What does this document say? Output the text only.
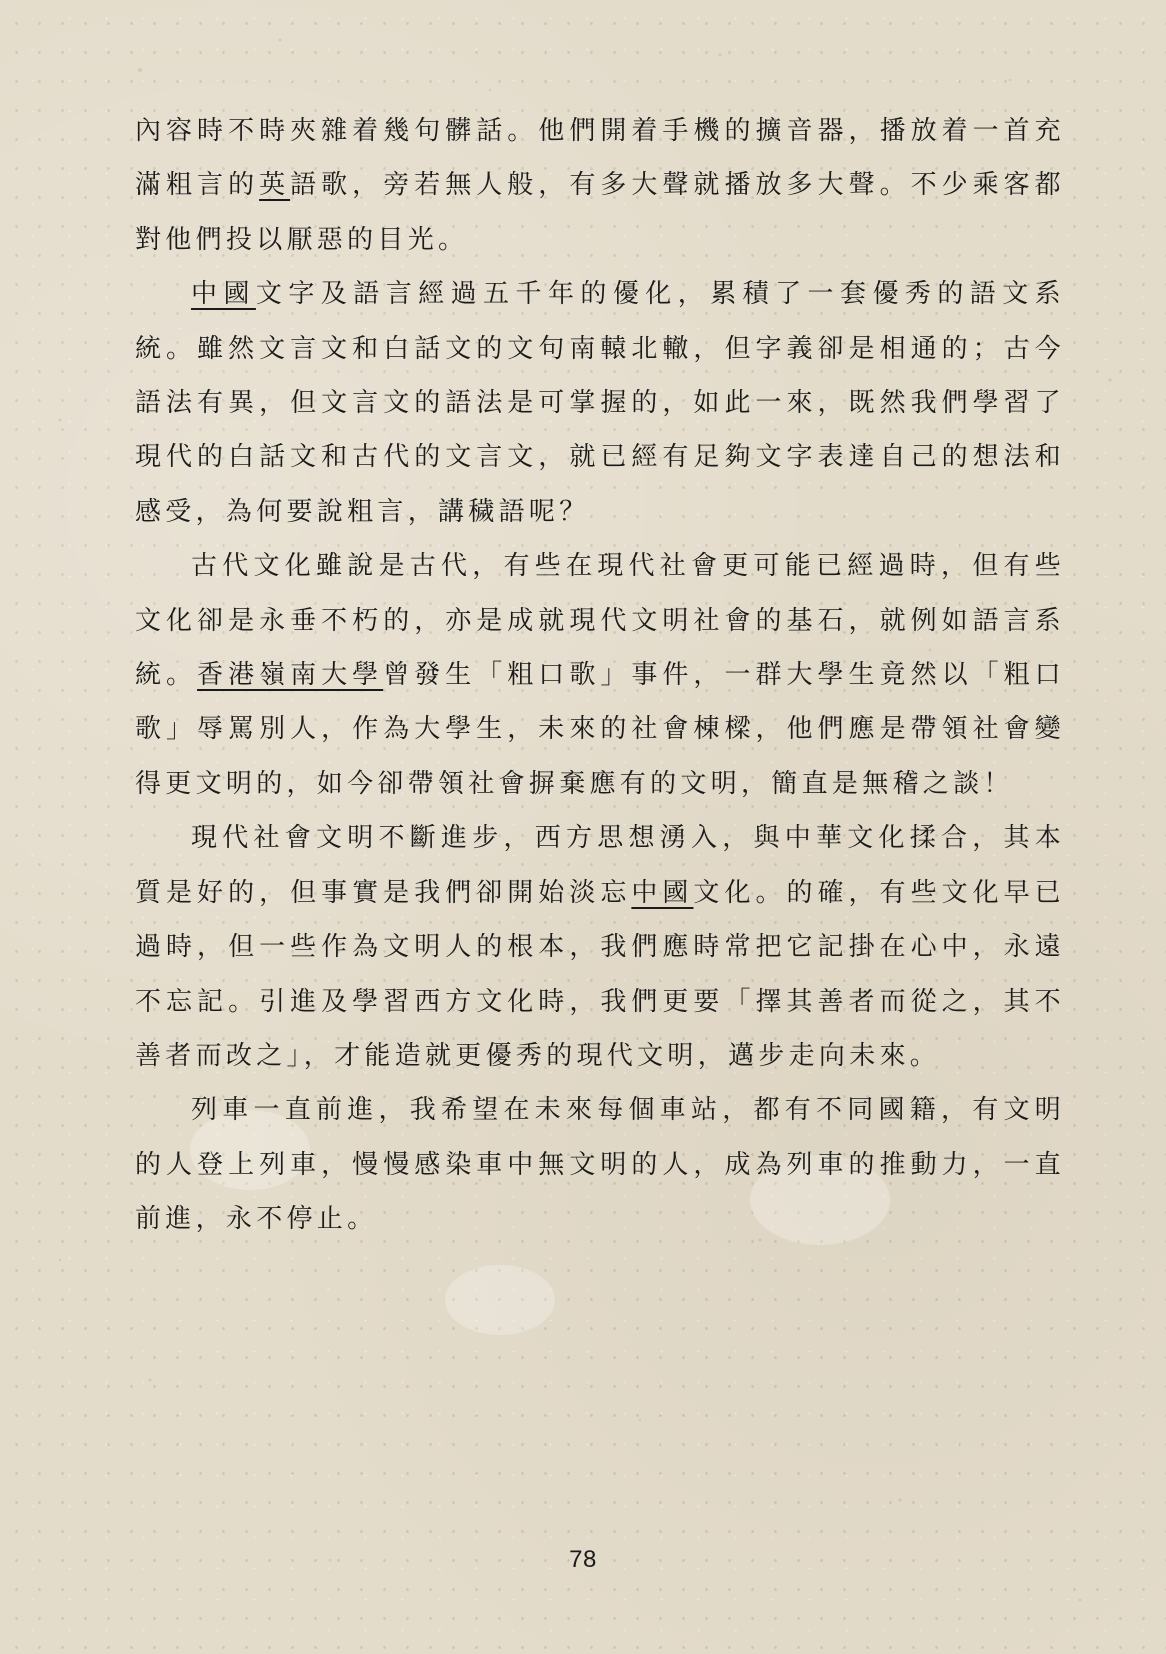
內容時不時夾雜着幾句髒話。他們開着手機的擴音器，播放着一首充滿粗言的英語歌，旁若無人般，有多大聲就播放多大聲。不少乘客都對他們投以厭惡的目光。

中國文字及語言經過五千年的優化，累積了一套優秀的語文系統。雖然文言文和白話文的文句南轅北轍，但字義卻是相通的；古今語法有異，但文言文的語法是可掌握的，如此一來，既然我們學習了現代的白話文和古代的文言文，就已經有足夠文字表達自己的想法和感受，為何要說粗言，講穢語呢？

古代文化雖說是古代，有些在現代社會更可能已經過時，但有些文化卻是永垂不朽的，亦是成就現代文明社會的基石，就例如語言系統。香港嶺南大學曾發生「粗口歌」事件，一群大學生竟然以「粗口歌」辱罵別人，作為大學生，未來的社會棟樑，他們應是帶領社會變得更文明的，如今卻帶領社會摒棄應有的文明，簡直是無稽之談！

現代社會文明不斷進步，西方思想湧入，與中華文化揉合，其本質是好的，但事實是我們卻開始淡忘中國文化。的確，有些文化早已過時，但一些作為文明人的根本，我們應時常把它記掛在心中，永遠不忘記。引進及學習西方文化時，我們更要「擇其善者而從之，其不善者而改之」，才能造就更優秀的現代文明，邁步走向未來。

列車一直前進，我希望在未來每個車站，都有不同國籍，有文明的人登上列車，慢慢感染車中無文明的人，成為列車的推動力，一直前進，永不停止。

78
